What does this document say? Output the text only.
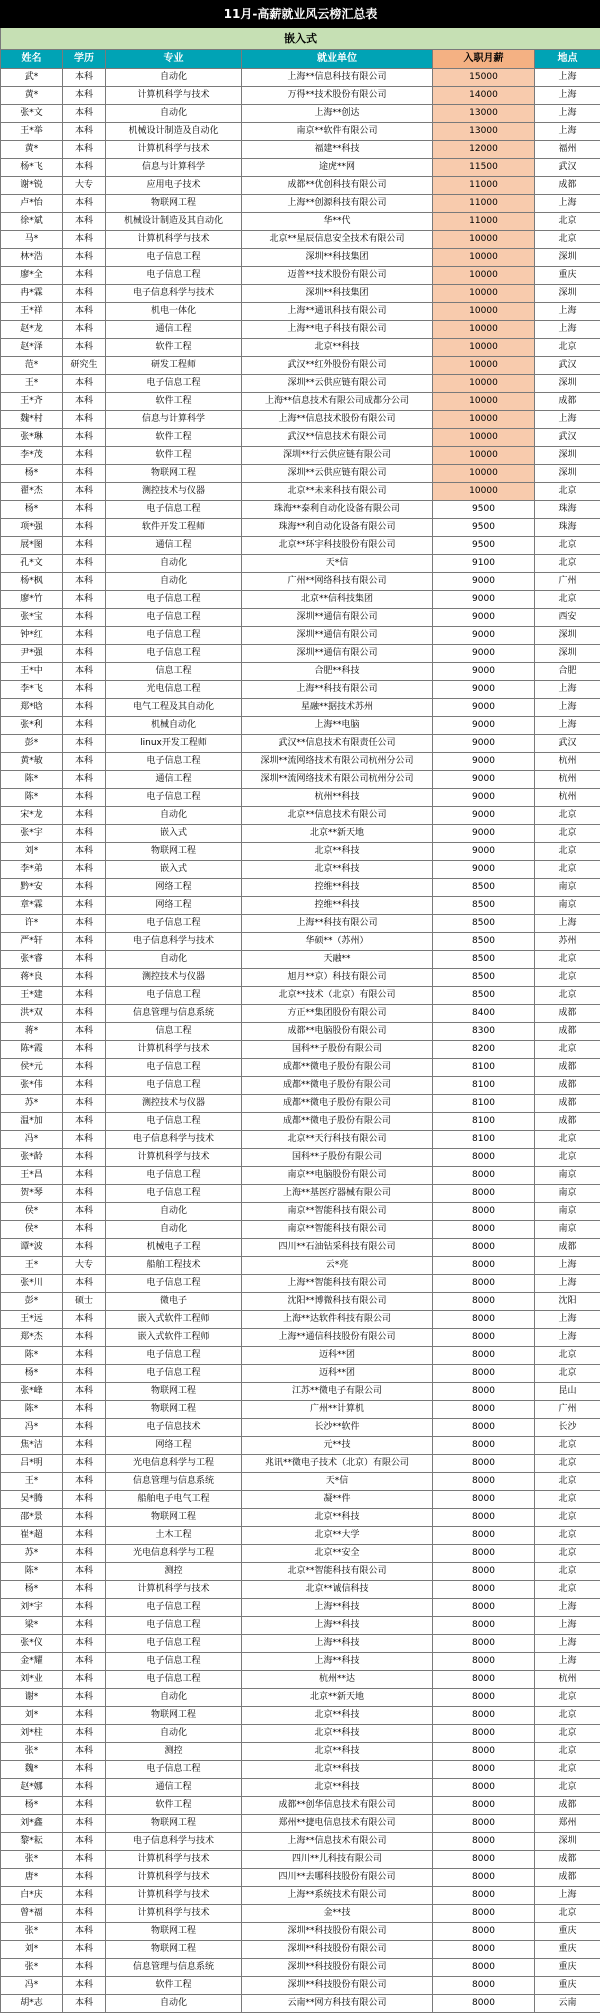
11月-高薪就业风云榜汇总表					
嵌入式					
姓名	学历	专业	就业单位	入职月薪	地点
武*	本科	自动化	上海**信息科技有限公司	15000	上海
黄*	本科	计算机科学与技术	万得**技术股份有限公司	14000	上海
张*文	本科	自动化	上海**创达	13000	上海
王*举	本科	机械设计制造及自动化	南京**软件有限公司	13000	上海
黄*	本科	计算机科学与技术	福建**科技	12000	福州
杨*飞	本科	信息与计算科学	途虎**网	11500	武汉
谢*锐	大专	应用电子技术	成都**优创科技有限公司	11000	成都
卢*怡	本科	物联网工程	上海**创源科技有限公司	11000	上海
徐*斌	本科	机械设计制造及其自动化	华**代	11000	北京
马*	本科	计算机科学与技术	北京**星辰信息安全技术有限公司	10000	北京
林*浩	本科	电子信息工程	深圳**科技集团	10000	深圳
廖*全	本科	电子信息工程	迈普**技术股份有限公司	10000	重庆
冉*霖	本科	电子信息科学与技术	深圳**科技集团	10000	深圳
王*祥	本科	机电一体化	上海**通讯科技有限公司	10000	上海
赵*龙	本科	通信工程	上海**电子科技有限公司	10000	上海
赵*泽	本科	软件工程	北京**科技	10000	北京
范*	研究生	研发工程师	武汉**红外股份有限公司	10000	武汉
王*	本科	电子信息工程	深圳**云供应链有限公司	10000	深圳
王*齐	本科	软件工程	上海**信息技术有限公司成都分公司	10000	成都
魏*村	本科	信息与计算科学	上海**信息技术股份有限公司	10000	上海
张*琳	本科	软件工程	武汉**信息技术有限公司	10000	武汉
李*茂	本科	软件工程	深圳**行云供应链有限公司	10000	深圳
杨*	本科	物联网工程	深圳**云供应链有限公司	10000	深圳
翟*杰	本科	测控技术与仪器	北京**未来科技有限公司	10000	北京
杨*	本科	电子信息工程	珠海**泰利自动化设备有限公司	9500	珠海
项*强	本科	软件开发工程师	珠海**利自动化设备有限公司	9500	珠海
展*图	本科	通信工程	北京**环宇科技股份有限公司	9500	北京
孔*文	本科	自动化	天*信	9100	北京
杨*枫	本科	自动化	广州**网络科技有限公司	9000	广州
廖*竹	本科	电子信息工程	北京**信科技集团	9000	北京
张*宝	本科	电子信息工程	深圳**通信有限公司	9000	西安
钟*红	本科	电子信息工程	深圳**通信有限公司	9000	深圳
尹*强	本科	电子信息工程	深圳**通信有限公司	9000	深圳
王*中	本科	信息工程	合肥**科技	9000	合肥
李*飞	本科	光电信息工程	上海**科技有限公司	9000	上海
郑*晗	本科	电气工程及其自动化	星融**据技术苏州	9000	上海
张*利	本科	机械自动化	上海**电脑	9000	上海
彭*	本科	linux开发工程师	武汉**信息技术有限责任公司	9000	武汉
黄*敏	本科	电子信息工程	深圳**流网络技术有限公司杭州分公司	9000	杭州
陈*	本科	通信工程	深圳**流网络技术有限公司杭州分公司	9000	杭州
陈*	本科	电子信息工程	杭州**科技	9000	杭州
宋*龙	本科	自动化	北京**信息技术有限公司	9000	北京
张*宇	本科	嵌入式	北京**新天地	9000	北京
刘*	本科	物联网工程	北京**科技	9000	北京
李*弟	本科	嵌入式	北京**科技	9000	北京
黔*安	本科	网络工程	控维**科技	8500	南京
章*霖	本科	网络工程	控维**科技	8500	南京
许*	本科	电子信息工程	上海**科技有限公司	8500	上海
严*轩	本科	电子信息科学与技术	华硕**（苏州）	8500	苏州
张*睿	本科	自动化	天融**	8500	北京
蒋*良	本科	测控技术与仪器	旭月**京）科技有限公司	8500	北京
王*建	本科	电子信息工程	北京**技术（北京）有限公司	8500	北京
洪*双	本科	信息管理与信息系统	方正**集团股份有限公司	8400	成都
蒋*	本科	信息工程	成都**电脑股份有限公司	8300	成都
陈*霞	本科	计算机科学与技术	国科**子股份有限公司	8200	北京
侯*元	本科	电子信息工程	成都**微电子股份有限公司	8100	成都
张*伟	本科	电子信息工程	成都**微电子股份有限公司	8100	成都
苏*	本科	测控技术与仪器	成都**微电子股份有限公司	8100	成都
温*加	本科	电子信息工程	成都**微电子股份有限公司	8100	成都
冯*	本科	电子信息科学与技术	北京**天行科技有限公司	8100	北京
张*龄	本科	计算机科学与技术	国科**子股份有限公司	8000	北京
王*昌	本科	电子信息工程	南京**电脑股份有限公司	8000	南京
贺*琴	本科	电子信息工程	上海**基医疗器械有限公司	8000	南京
侯*	本科	自动化	南京**智能科技有限公司	8000	南京
侯*	本科	自动化	南京**智能科技有限公司	8000	南京
谭*波	本科	机械电子工程	四川**石油钻采科技有限公司	8000	成都
王*	大专	船舶工程技术	云*亮	8000	上海
张*川	本科	电子信息工程	上海**智能科技有限公司	8000	上海
彭*	硕士	微电子	沈阳**博微科技有限公司	8000	沈阳
王*远	本科	嵌入式软件工程师	上海**达软件科技有限公司	8000	上海
郑*杰	本科	嵌入式软件工程师	上海**通信科技股份有限公司	8000	上海
陈*	本科	电子信息工程	迈科**团	8000	北京
杨*	本科	电子信息工程	迈科**团	8000	北京
张*峰	本科	物联网工程	江苏**微电子有限公司	8000	昆山
陈*	本科	物联网工程	广州**计算机	8000	广州
冯*	本科	电子信息技术	长沙**软件	8000	长沙
焦*洁	本科	网络工程	元**技	8000	北京
吕*明	本科	光电信息科学与工程	兆讯**微电子技术（北京）有限公司	8000	北京
王*	本科	信息管理与信息系统	天*信	8000	北京
吴*腾	本科	船舶电子电气工程	凝**件	8000	北京
邵*景	本科	物联网工程	北京**科技	8000	北京
崔*超	本科	土木工程	北京**大学	8000	北京
苏*	本科	光电信息科学与工程	北京**安全	8000	北京
陈*	本科	测控	北京**智能科技有限公司	8000	北京
杨*	本科	计算机科学与技术	北京**诚信科技	8000	北京
刘*宇	本科	电子信息工程	上海**科技	8000	上海
梁*	本科	电子信息工程	上海**科技	8000	上海
张*仪	本科	电子信息工程	上海**科技	8000	上海
金*耀	本科	电子信息工程	上海**科技	8000	上海
刘*业	本科	电子信息工程	杭州**达	8000	杭州
谢*	本科	自动化	北京**新天地	8000	北京
刘*	本科	物联网工程	北京**科技	8000	北京
刘*柱	本科	自动化	北京**科技	8000	北京
张*	本科	测控	北京**科技	8000	北京
魏*	本科	电子信息工程	北京**科技	8000	北京
赵*娜	本科	通信工程	北京**科技	8000	北京
杨*	本科	软件工程	成都**创华信息技术有限公司	8000	成都
刘*鑫	本科	物联网工程	郑州**捷电信息技术有限公司	8000	郑州
黎*耘	本科	电子信息科学与技术	上海**信息技术有限公司	8000	深圳
张*	本科	计算机科学与技术	四川**儿科技有限公司	8000	成都
唐*	本科	计算机科学与技术	四川**去哪科技股份有限公司	8000	成都
白*庆	本科	计算机科学与技术	上海**系统技术有限公司	8000	上海
曾*福	本科	计算机科学与技术	金**技	8000	北京
张*	本科	物联网工程	深圳**科技股份有限公司	8000	重庆
刘*	本科	物联网工程	深圳**科技股份有限公司	8000	重庆
张*	本科	信息管理与信息系统	深圳**科技股份有限公司	8000	重庆
冯*	本科	软件工程	深圳**科技股份有限公司	8000	重庆
胡*志	本科	自动化	云南**网方科技有限公司	8000	云南
